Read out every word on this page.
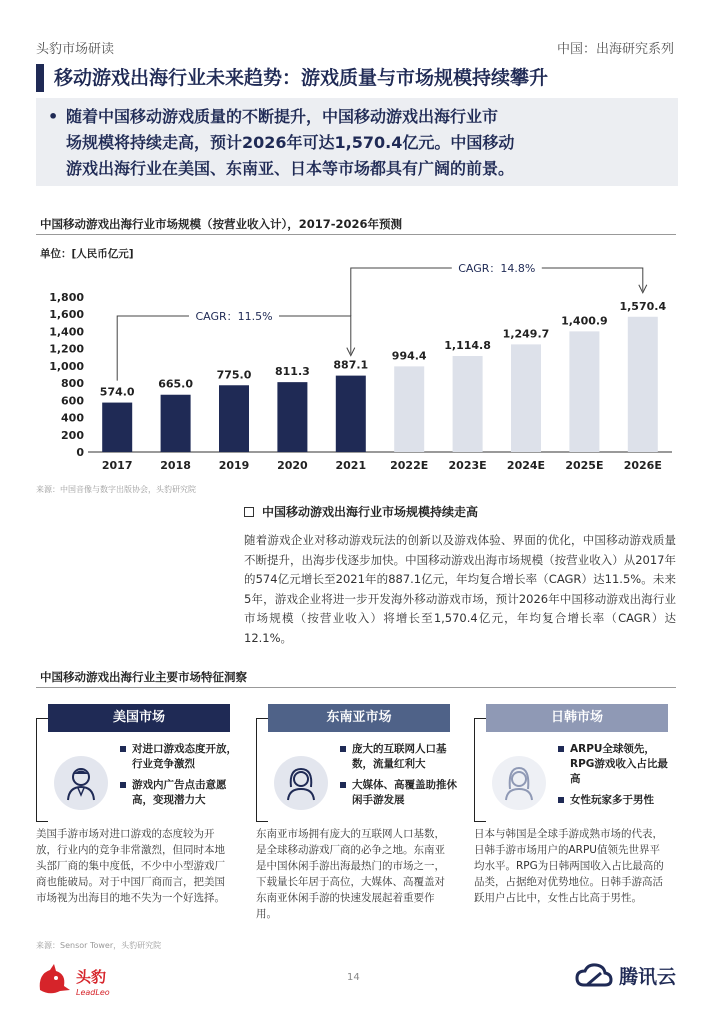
头豹市场研读	中国：出海研究系列
移动游戏出海行业未来趋势：游戏质量与市场规模持续攀升
• 随着中国移动游戏质量的不断提升，中国移动游戏出海行业市
场规模将持续走高，预计2026年可达1,570.4亿元。中国移动
游戏出海行业在美国、东南亚、日本等市场都具有广阔的前景。
中国移动游戏出海行业市场规模（按营业收入计），2017-2026年预测
单位：[人民币亿元]
0
200
400
600
800
1,000
1,200
1,400
1,600
1,800
574.0
2017
665.0
2018
775.0
2019
811.3
2020
887.1
2021
994.4
2022E
1,114.8
2023E
1,249.7
2024E
1,400.9
2025E
1,570.4
2026E
CAGR：11.5%
CAGR：14.8%
来源：中国音像与数字出版协会，头豹研究院
中国移动游戏出海行业市场规模持续走高
随着游戏企业对移动游戏玩法的创新以及游戏体验、界面的优化，中国移动游戏质量不断提升，出海步伐逐步加快。中国移动游戏出海市场规模（按营业收入）从2017年的574亿元增长至2021年的887.1亿元，年均复合增长率（CAGR）达11.5%。未来5年，游戏企业将进一步开发海外移动游戏市场，预计2026年中国移动游戏出海行业市场规模（按营业收入）将增长至1,570.4亿元，年均复合增长率（CAGR）达12.1%。
中国移动游戏出海行业主要市场特征洞察
美国市场
对进口游戏态度开放，行业竞争激烈
游戏内广告点击意愿高，变现潜力大
美国手游市场对进口游戏的态度较为开放，行业内的竞争非常激烈，但同时本地头部厂商的集中度低，不少中小型游戏厂商也能破局。对于中国厂商而言，把美国市场视为出海目的地不失为一个好选择。
东南亚市场
庞大的互联网人口基数，流量红利大
大媒体、高覆盖助推休闲手游发展
东南亚市场拥有庞大的互联网人口基数，是全球移动游戏厂商的必争之地。东南亚是中国休闲手游出海最热门的市场之一，下载量长年居于高位，大媒体、高覆盖对东南亚休闲手游的快速发展起着重要作用。
日韩市场
ARPU全球领先，RPG游戏收入占比最高
女性玩家多于男性
日本与韩国是全球手游成熟市场的代表，日韩手游市场用户的ARPU值领先世界平均水平。RPG为日韩两国收入占比最高的品类，占据绝对优势地位。日韩手游高活跃用户占比中，女性占比高于男性。
来源：Sensor Tower，头豹研究院
头豹
LeadLeo
14	腾讯云
